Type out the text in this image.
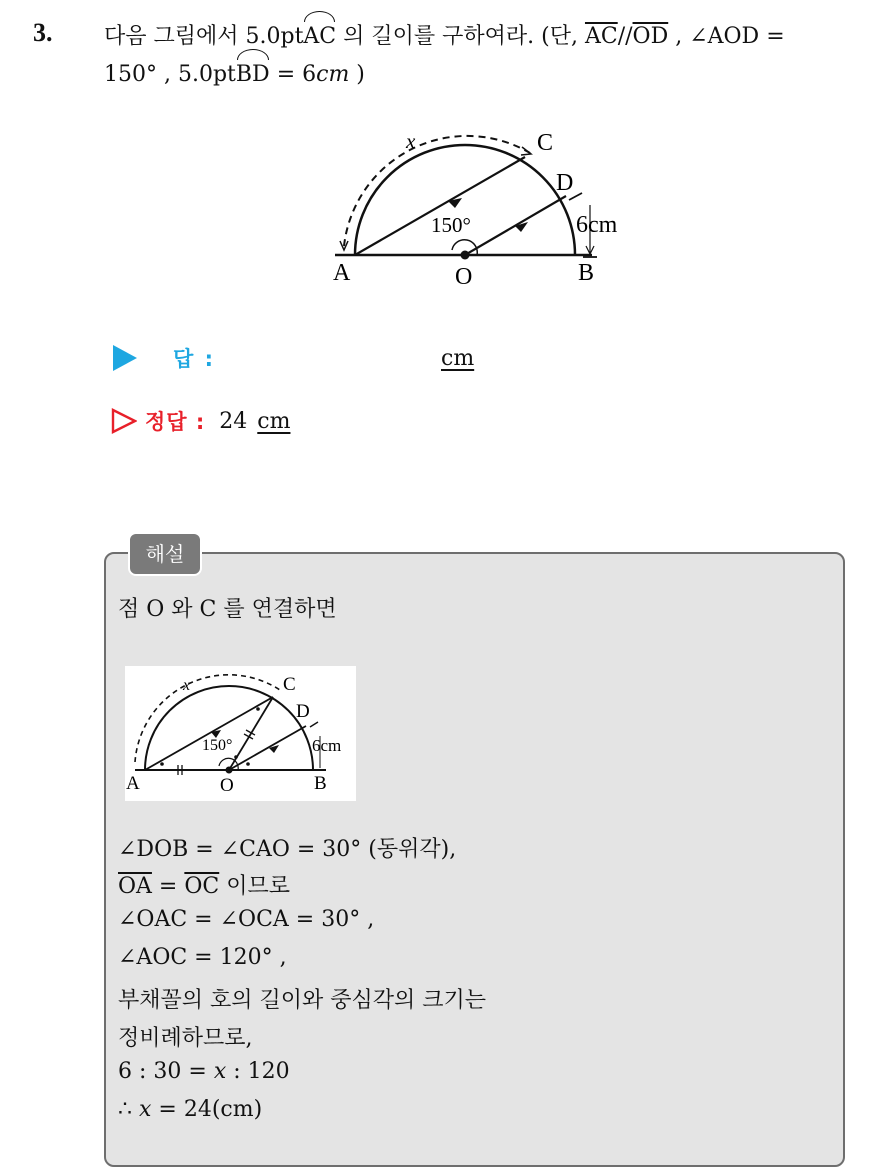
3. 다음 그림에서 5.0ptAC 의 길이를 구하여라. (단, $\overline{AC}//\overline{OD}$ , ∠AOD =
150° , 5.0ptBD = 6cm )
x	C
D
150°	6cm
A	O	B
답 :	cm
정답 : 24 cm
해설
점 O 와 C 를 연결하면
x	C
D
150°	6cm
A	O	B
∠DOB = ∠CAO = 30° (동위각),
$\overline{OA} = \overline{OC}$ 이므로
∠OAC = ∠OCA = 30° ,
∠AOC = 120° ,
부채꼴의 호의 길이와 중심각의 크기는
정비례하므로,
6 : 30 = x : 120
∴ x = 24(cm)
